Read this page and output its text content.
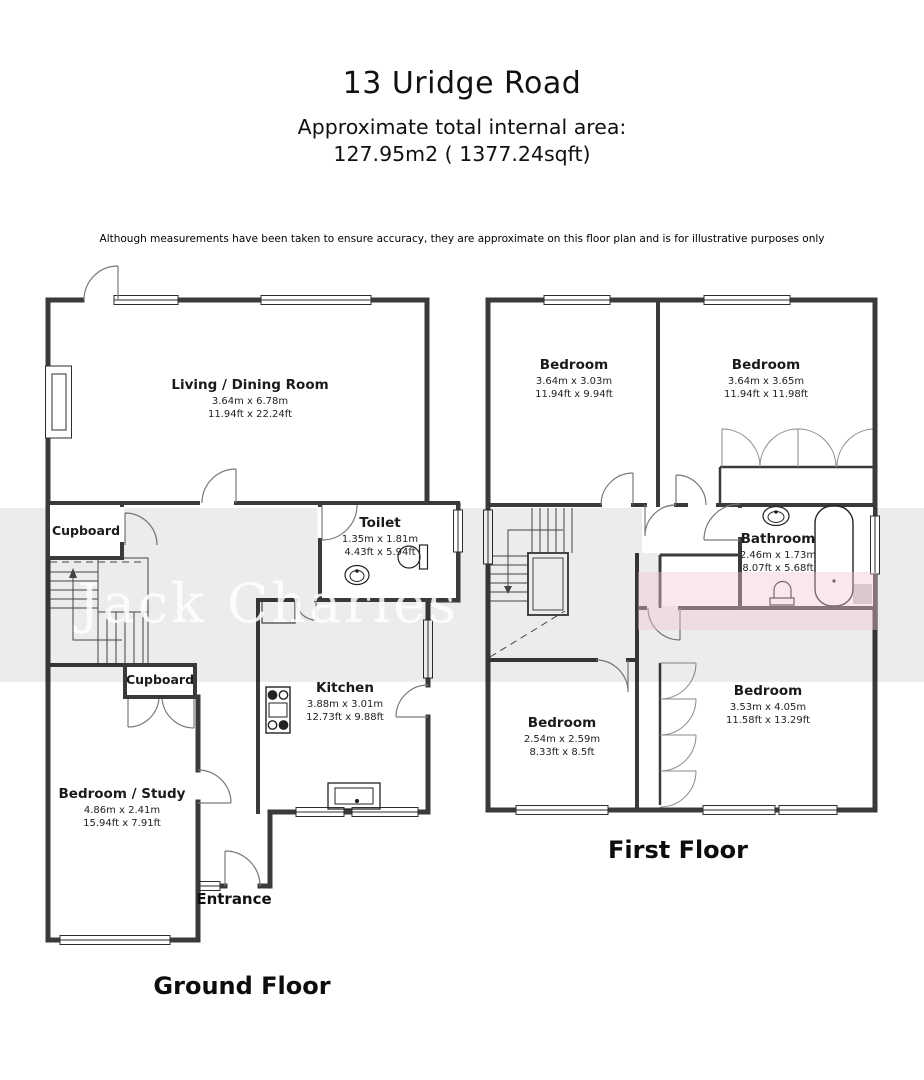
13 Uridge Road
Approximate total internal area:
127.95m2 ( 1377.24sqft)
Although measurements have been taken to ensure accuracy, they are approximate on this floor plan and is for illustrative purposes only
Jack Charles
Living / Dining Room
3.64m x 6.78m
11.94ft x 22.24ft
Cupboard	Toilet
1.35m x 1.81m
4.43ft x 5.94ft
Cupboard
Kitchen
3.88m x 3.01m
12.73ft x 9.88ft
Bedroom / Study
4.86m x 2.41m
15.94ft x 7.91ft
Entrance
Bedroom
3.64m x 3.03m
11.94ft x 9.94ft
Bedroom
3.64m x 3.65m
11.94ft x 11.98ft
Bathroom
2.46m x 1.73m
8.07ft x 5.68ft
Bedroom
2.54m x 2.59m
8.33ft x 8.5ft
Bedroom
3.53m x 4.05m
11.58ft x 13.29ft
Ground Floor
First Floor
